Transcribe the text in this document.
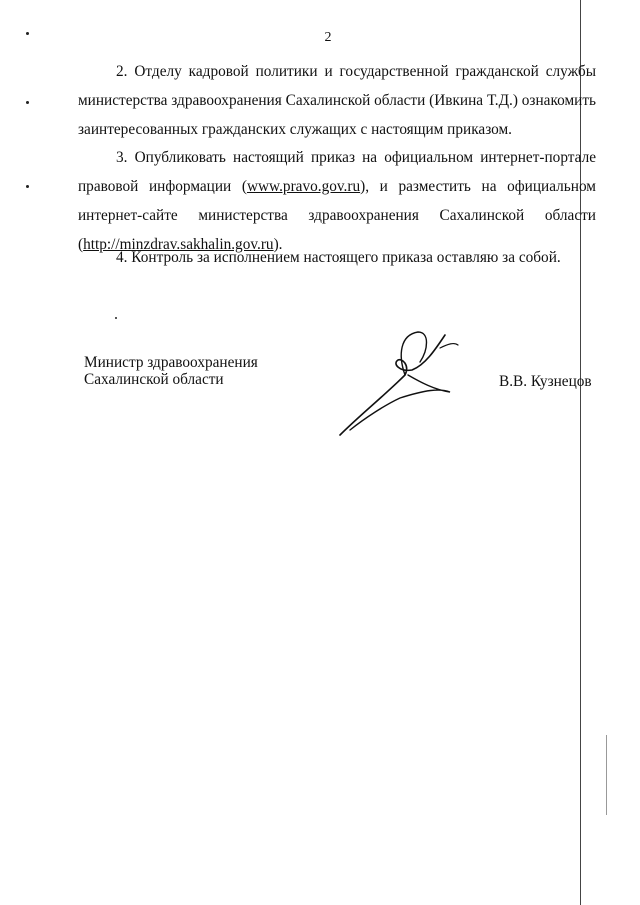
2

2. Отделу кадровой политики и государственной гражданской службы министерства здравоохранения Сахалинской области (Ивкина Т.Д.) ознакомить заинтересованных гражданских служащих с настоящим приказом.

3. Опубликовать настоящий приказ на официальном интернет-портале правовой информации (www.pravo.gov.ru), и разместить на официальном интернет-сайте министерства здравоохранения Сахалинской области (http://minzdrav.sakhalin.gov.ru).

4. Контроль за исполнением настоящего приказа оставляю за собой.

Министр здравоохранения
Сахалинской области	В.В. Кузнецов
